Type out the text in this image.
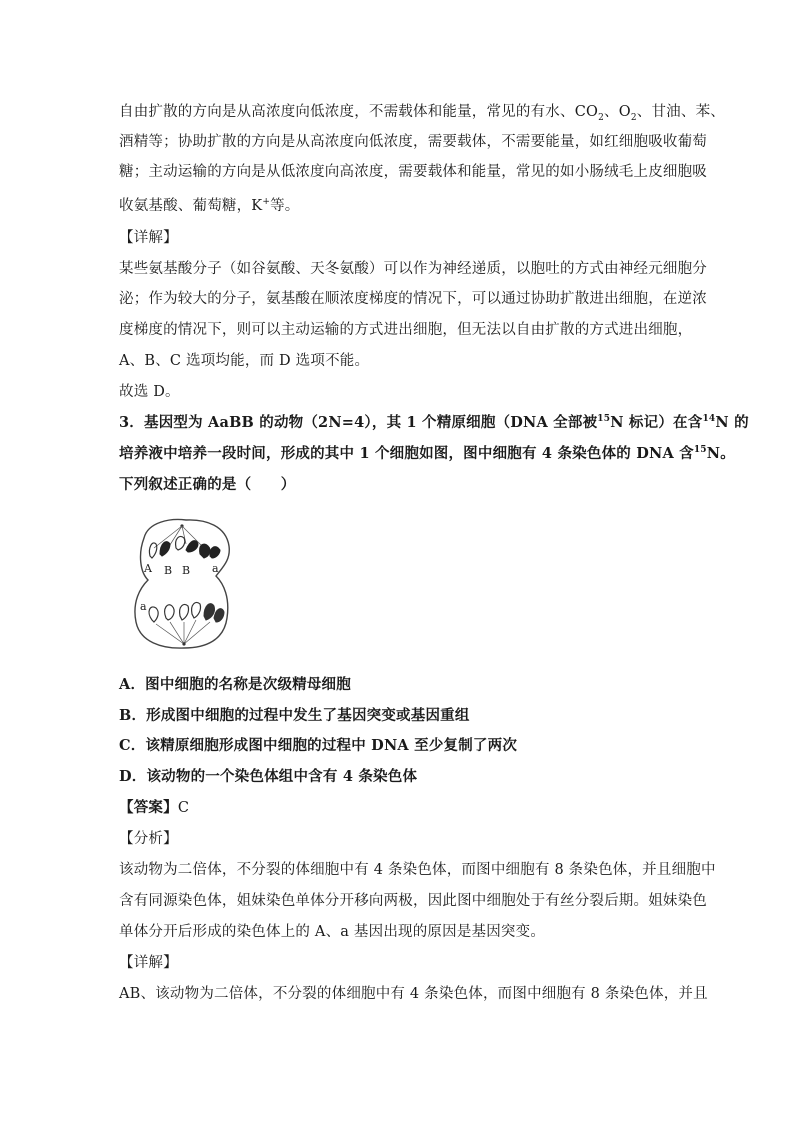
自由扩散的方向是从高浓度向低浓度，不需载体和能量，常见的有水、$CO_2$、$O_2$、甘油、苯、
酒精等；协助扩散的方向是从高浓度向低浓度，需要载体，不需要能量，如红细胞吸收葡萄
糖；主动运输的方向是从低浓度向高浓度，需要载体和能量，常见的如小肠绒毛上皮细胞吸
收氨基酸、葡萄糖，K+等。
【详解】
某些氨基酸分子（如谷氨酸、天冬氨酸）可以作为神经递质，以胞吐的方式由神经元细胞分
泌；作为较大的分子，氨基酸在顺浓度梯度的情况下，可以通过协助扩散进出细胞，在逆浓
度梯度的情况下，则可以主动运输的方式进出细胞，但无法以自由扩散的方式进出细胞，
A、B、C 选项均能，而 D 选项不能。
故选 D。
3．基因型为 AaBB 的动物（2N=4），其 1 个精原细胞（DNA 全部被$^{15}$N 标记）在含$^{14}$N 的
培养液中培养一段时间，形成的其中 1 个细胞如图，图中细胞有 4 条染色体的 DNA 含$^{15}$N。
下列叙述正确的是（　　）
A B B a
a
A．图中细胞的名称是次级精母细胞
B．形成图中细胞的过程中发生了基因突变或基因重组
C．该精原细胞形成图中细胞的过程中 DNA 至少复制了两次
D．该动物的一个染色体组中含有 4 条染色体
【答案】C
【分析】
该动物为二倍体，不分裂的体细胞中有 4 条染色体，而图中细胞有 8 条染色体，并且细胞中
含有同源染色体，姐妹染色单体分开移向两极，因此图中细胞处于有丝分裂后期。姐妹染色
单体分开后形成的染色体上的 A、a 基因出现的原因是基因突变。
【详解】
AB、该动物为二倍体，不分裂的体细胞中有 4 条染色体，而图中细胞有 8 条染色体，并且
